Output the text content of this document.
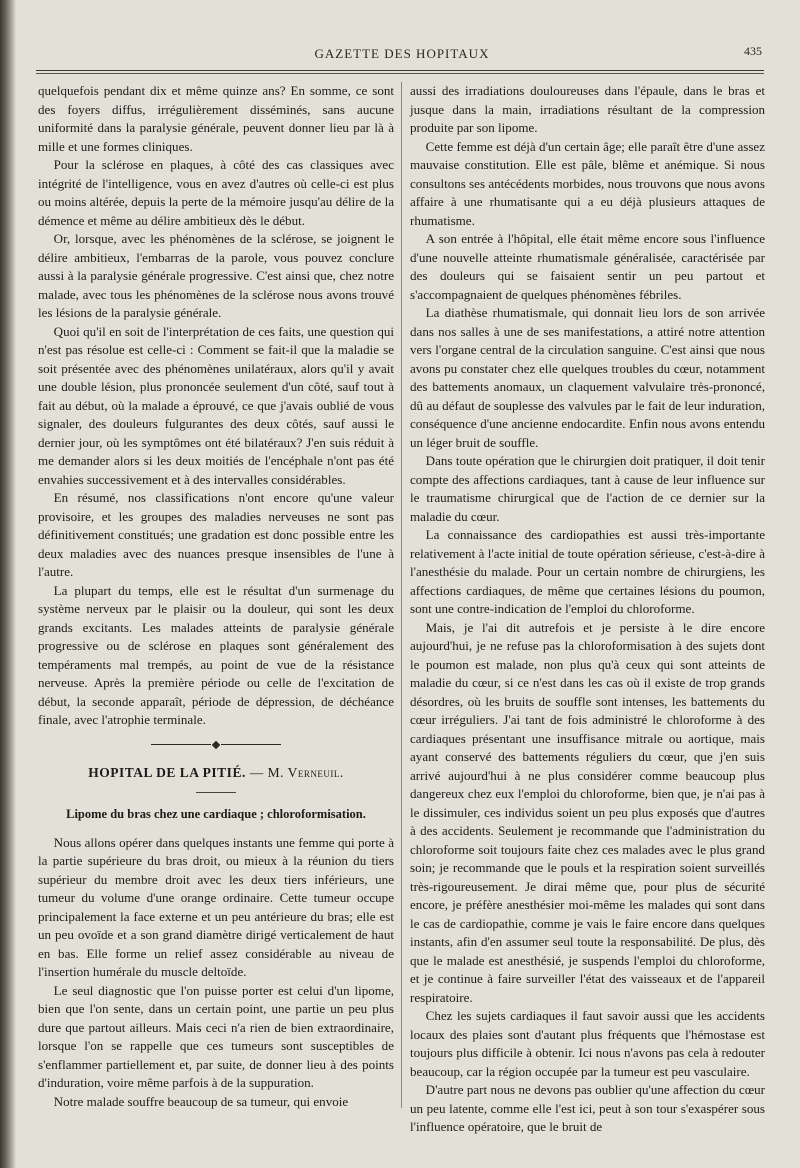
GAZETTE DES HOPITAUX	435

quelquefois pendant dix et même quinze ans? En somme, ce sont des foyers diffus, irrégulièrement disséminés, sans aucune uniformité dans la paralysie générale, peuvent donner lieu par là à mille et une formes cliniques.

Pour la sclérose en plaques, à côté des cas classiques avec intégrité de l'intelligence, vous en avez d'autres où celle-ci est plus ou moins altérée, depuis la perte de la mémoire jusqu'au délire de la démence et même au délire ambitieux dès le début.

Or, lorsque, avec les phénomènes de la sclérose, se joignent le délire ambitieux, l'embarras de la parole, vous pouvez conclure aussi à la paralysie générale progressive. C'est ainsi que, chez notre malade, avec tous les phénomènes de la sclérose nous avons trouvé les lésions de la paralysie générale.

Quoi qu'il en soit de l'interprétation de ces faits, une question qui n'est pas résolue est celle-ci : Comment se fait-il que la maladie se soit présentée avec des phénomènes unilatéraux, alors qu'il y avait une double lésion, plus prononcée seulement d'un côté, sauf tout à fait au début, où la malade a éprouvé, ce que j'avais oublié de vous signaler, des douleurs fulgurantes des deux côtés, sauf aussi le dernier jour, où les symptômes ont été bilatéraux? J'en suis réduit à me demander alors si les deux moitiés de l'encéphale n'ont pas été envahies successivement et à des intervalles considérables.

En résumé, nos classifications n'ont encore qu'une valeur provisoire, et les groupes des maladies nerveuses ne sont pas définitivement constitués; une gradation est donc possible entre les deux maladies avec des nuances presque insensibles de l'une à l'autre.

La plupart du temps, elle est le résultat d'un surmenage du système nerveux par le plaisir ou la douleur, qui sont les deux grands excitants. Les malades atteints de paralysie générale progressive ou de sclérose en plaques sont généralement des tempéraments mal trempés, au point de vue de la résistance nerveuse. Après la première période ou celle de l'excitation de début, la seconde apparaît, période de dépression, de déchéance finale, avec l'atrophie terminale.

HOPITAL DE LA PITIÉ. — M. Verneuil.
Lipome du bras chez une cardiaque ; chloroformisation.

Nous allons opérer dans quelques instants une femme qui porte à la partie supérieure du bras droit, ou mieux à la réunion du tiers supérieur du membre droit avec les deux tiers inférieurs, une tumeur du volume d'une orange ordinaire. Cette tumeur occupe principalement la face externe et un peu antérieure du bras; elle est un peu ovoïde et a son grand diamètre dirigé verticalement de haut en bas. Elle forme un relief assez considérable au niveau de l'insertion humérale du muscle deltoïde.

Le seul diagnostic que l'on puisse porter est celui d'un lipome, bien que l'on sente, dans un certain point, une partie un peu plus dure que partout ailleurs. Mais ceci n'a rien de bien extraordinaire, lorsque l'on se rappelle que ces tumeurs sont susceptibles de s'enflammer partiellement et, par suite, de donner lieu à des points d'induration, voire même parfois à de la suppuration.

Notre malade souffre beaucoup de sa tumeur, qui envoie

aussi des irradiations douloureuses dans l'épaule, dans le bras et jusque dans la main, irradiations résultant de la compression produite par son lipome.

Cette femme est déjà d'un certain âge; elle paraît être d'une assez mauvaise constitution. Elle est pâle, blême et anémique. Si nous consultons ses antécédents morbides, nous trouvons que nous avons affaire à une rhumatisante qui a eu déjà plusieurs attaques de rhumatisme.

A son entrée à l'hôpital, elle était même encore sous l'influence d'une nouvelle atteinte rhumatismale généralisée, caractérisée par des douleurs qui se faisaient sentir un peu partout et s'accompagnaient de quelques phénomènes fébriles.

La diathèse rhumatismale, qui donnait lieu lors de son arrivée dans nos salles à une de ses manifestations, a attiré notre attention vers l'organe central de la circulation sanguine. C'est ainsi que nous avons pu constater chez elle quelques troubles du cœur, notamment des battements anomaux, un claquement valvulaire très-prononcé, dû au défaut de souplesse des valvules par le fait de leur induration, conséquence d'une ancienne endocardite. Enfin nous avons entendu un léger bruit de souffle.

Dans toute opération que le chirurgien doit pratiquer, il doit tenir compte des affections cardiaques, tant à cause de leur influence sur le traumatisme chirurgical que de l'action de ce dernier sur la maladie du cœur.

La connaissance des cardiopathies est aussi très-importante relativement à l'acte initial de toute opération sérieuse, c'est-à-dire à l'anesthésie du malade. Pour un certain nombre de chirurgiens, les affections cardiaques, de même que certaines lésions du poumon, sont une contre-indication de l'emploi du chloroforme.

Mais, je l'ai dit autrefois et je persiste à le dire encore aujourd'hui, je ne refuse pas la chloroformisation à des sujets dont le poumon est malade, non plus qu'à ceux qui sont atteints de maladie du cœur, si ce n'est dans les cas où il existe de trop grands désordres, où les bruits de souffle sont intenses, les battements du cœur irréguliers. J'ai tant de fois administré le chloroforme à des cardiaques présentant une insuffisance mitrale ou aortique, mais ayant conservé des battements réguliers du cœur, que j'en suis arrivé aujourd'hui à ne plus considérer comme beaucoup plus dangereux chez eux l'emploi du chloroforme, bien que, je n'ai pas à le dissimuler, ces individus soient un peu plus exposés que d'autres à des accidents. Seulement je recommande que l'administration du chloroforme soit toujours faite chez ces malades avec le plus grand soin; je recommande que le pouls et la respiration soient surveillés très-rigoureusement. Je dirai même que, pour plus de sécurité encore, je préfère anesthésier moi-même les malades qui sont dans le cas de cardiopathie, comme je vais le faire encore dans quelques instants, afin d'en assumer seul toute la responsabilité. De plus, dès que le malade est anesthésié, je suspends l'emploi du chloroforme, et je continue à faire surveiller l'état des vaisseaux et de l'appareil respiratoire.

Chez les sujets cardiaques il faut savoir aussi que les accidents locaux des plaies sont d'autant plus fréquents que l'hémostase est toujours plus difficile à obtenir. Ici nous n'avons pas cela à redouter beaucoup, car la région occupée par la tumeur est peu vasculaire.

D'autre part nous ne devons pas oublier qu'une affection du cœur un peu latente, comme elle l'est ici, peut à son tour s'exaspérer sous l'influence opératoire, que le bruit de
